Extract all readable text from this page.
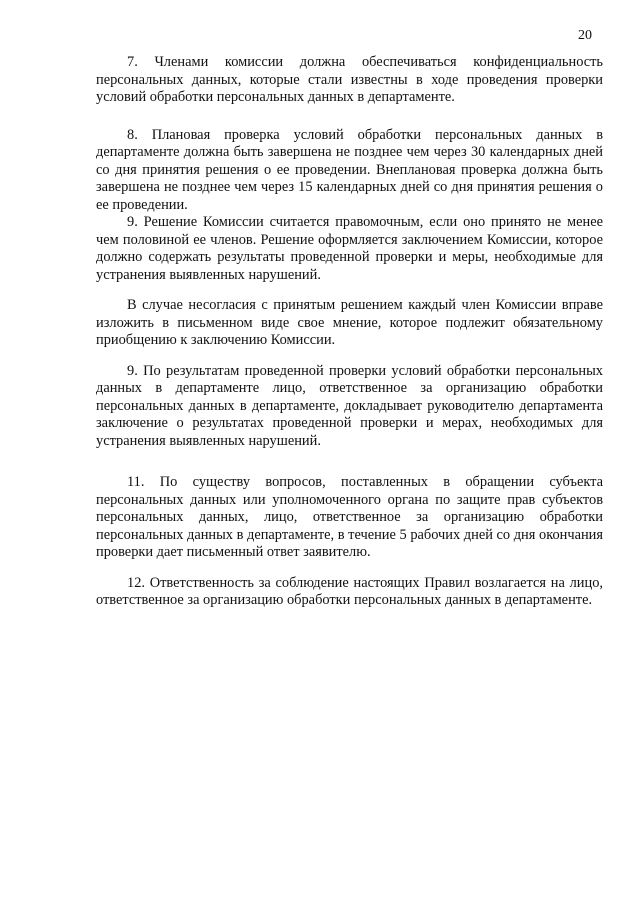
20

7. Членами комиссии должна обеспечиваться конфиденциальность персональных данных, которые стали известны в ходе проведения проверки условий обработки персональных данных в департаменте.

8. Плановая проверка условий обработки персональных данных в департаменте должна быть завершена не позднее чем через 30 календарных дней со дня принятия решения о ее проведении. Внеплановая проверка должна быть завершена не позднее чем через 15 календарных дней со дня принятия решения о ее проведении.

9. Решение Комиссии считается правомочным, если оно принято не менее чем половиной ее членов. Решение оформляется заключением Комиссии, которое должно содержать результаты проведенной проверки и меры, необходимые для устранения выявленных нарушений.

В случае несогласия с принятым решением каждый член Комиссии вправе изложить в письменном виде свое мнение, которое подлежит обязательному приобщению к заключению Комиссии.

9. По результатам проведенной проверки условий обработки персональных данных в департаменте лицо, ответственное за организацию обработки персональных данных в департаменте, докладывает руководителю департамента заключение о результатах проведенной проверки и мерах, необходимых для устранения выявленных нарушений.

11. По существу вопросов, поставленных в обращении субъекта персональных данных или уполномоченного органа по защите прав субъектов персональных данных, лицо, ответственное за организацию обработки персональных данных в департаменте, в течение 5 рабочих дней со дня окончания проверки дает письменный ответ заявителю.

12. Ответственность за соблюдение настоящих Правил возлагается на лицо, ответственное за организацию обработки персональных данных в департаменте.
